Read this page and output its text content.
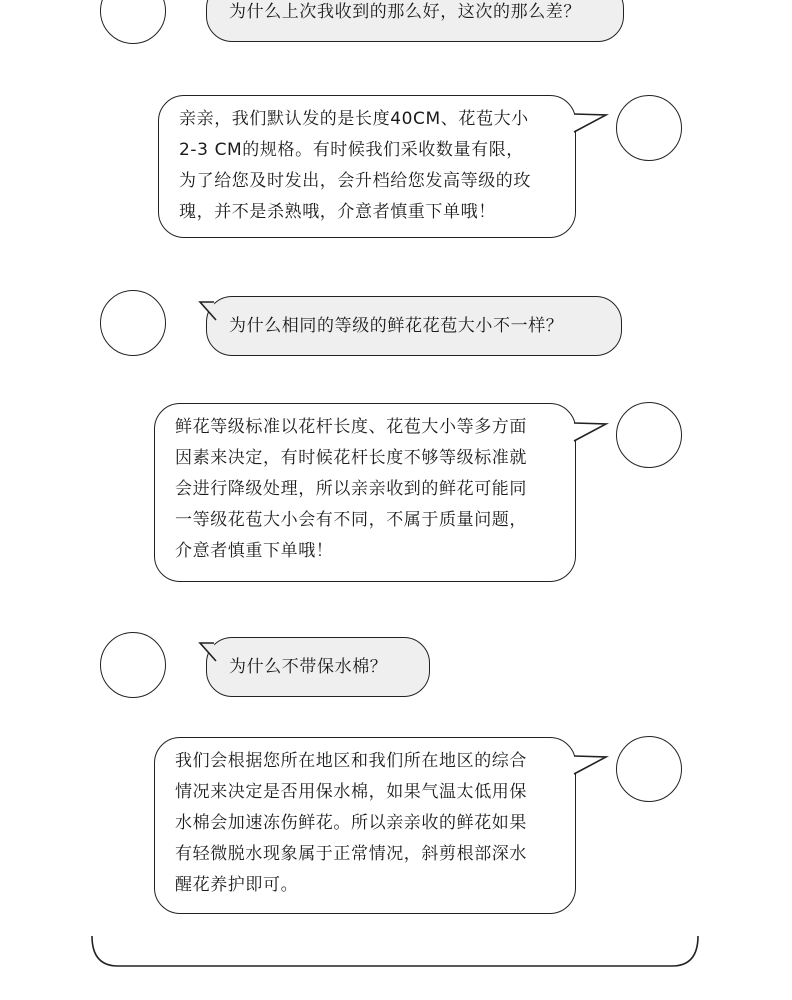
为什么上次我收到的那么好，这次的那么差？
亲亲，我们默认发的是长度40CM、花苞大小
2-3 CM的规格。有时候我们采收数量有限，
为了给您及时发出，会升档给您发高等级的玫
瑰，并不是杀熟哦，介意者慎重下单哦！
为什么相同的等级的鲜花花苞大小不一样？
鲜花等级标准以花杆长度、花苞大小等多方面
因素来决定，有时候花杆长度不够等级标准就
会进行降级处理，所以亲亲收到的鲜花可能同
一等级花苞大小会有不同，不属于质量问题，
介意者慎重下单哦！
为什么不带保水棉？
我们会根据您所在地区和我们所在地区的综合
情况来决定是否用保水棉，如果气温太低用保
水棉会加速冻伤鲜花。所以亲亲收的鲜花如果
有轻微脱水现象属于正常情况，斜剪根部深水
醒花养护即可。
